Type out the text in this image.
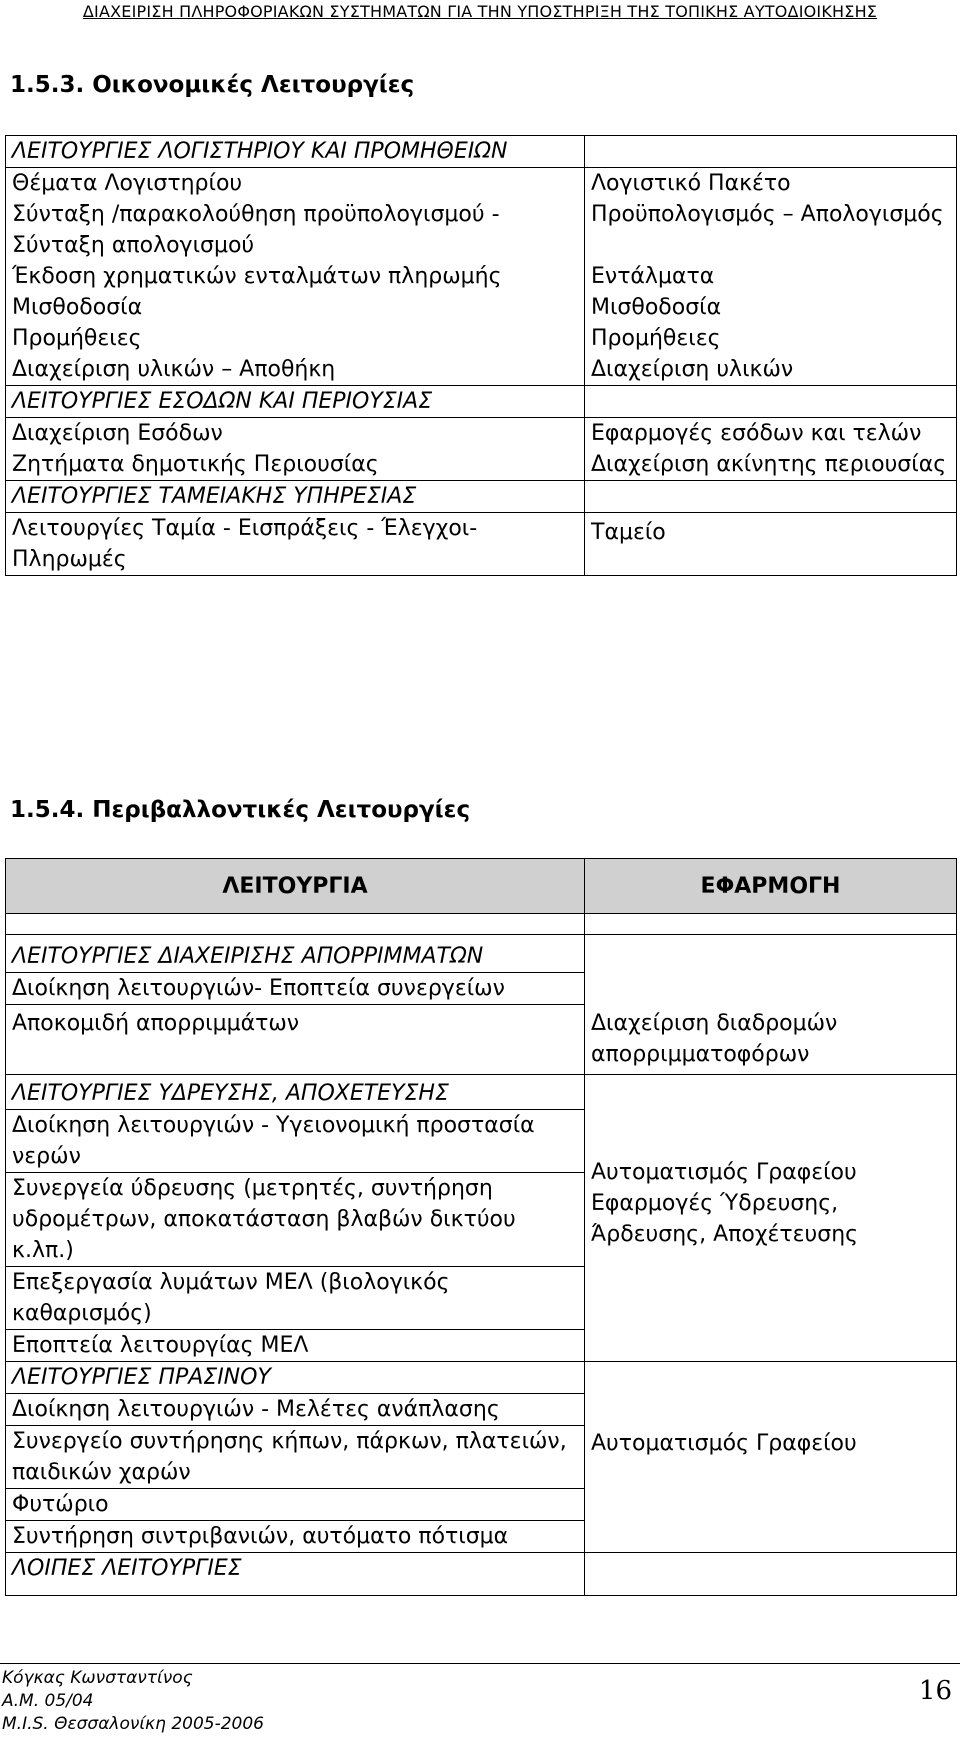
ΔΙΑΧΕΙΡΙΣΗ ΠΛΗΡΟΦΟΡΙΑΚΩΝ ΣΥΣΤΗΜΑΤΩΝ ΓΙΑ ΤΗΝ ΥΠΟΣΤΗΡΙΞΗ ΤΗΣ ΤΟΠΙΚΗΣ ΑΥΤΟΔΙΟΙΚΗΣΗΣ
1.5.3. Οικονομικές Λειτουργίες
ΛΕΙΤΟΥΡΓΙΕΣ ΛΟΓΙΣΤΗΡΙΟΥ ΚΑΙ ΠΡΟΜΗΘΕΙΩΝ	
Θέματα Λογιστηρίου	Λογιστικό Πακέτο
Σύνταξη /παρακολούθηση προϋπολογισμού - Σύνταξη απολογισμού	Προϋπολογισμός – Απολογισμός
Έκδοση χρηματικών ενταλμάτων πληρωμής	Εντάλματα
Μισθοδοσία	Μισθοδοσία
Προμήθειες	Προμήθειες
Διαχείριση υλικών – Αποθήκη	Διαχείριση υλικών
ΛΕΙΤΟΥΡΓΙΕΣ ΕΣΟΔΩΝ ΚΑΙ ΠΕΡΙΟΥΣΙΑΣ	
Διαχείριση Εσόδων	Εφαρμογές εσόδων και τελών
Ζητήματα δημοτικής Περιουσίας	Διαχείριση ακίνητης περιουσίας
ΛΕΙΤΟΥΡΓΙΕΣ ΤΑΜΕΙΑΚΗΣ ΥΠΗΡΕΣΙΑΣ	
Λειτουργίες Ταμία - Εισπράξεις - Έλεγχοι-Πληρωμές	Ταμείο
1.5.4. Περιβαλλοντικές Λειτουργίες
ΛΕΙΤΟΥΡΓΙΑ	ΕΦΑΡΜΟΓΗ

ΛΕΙΤΟΥΡΓΙΕΣ ΔΙΑΧΕΙΡΙΣΗΣ ΑΠΟΡΡΙΜΜΑΤΩΝ	
Διοίκηση λειτουργιών- Εποπτεία συνεργείων	
Αποκομιδή απορριμμάτων	Διαχείριση διαδρομών απορριμματοφόρων
ΛΕΙΤΟΥΡΓΙΕΣ ΥΔΡΕΥΣΗΣ, ΑΠΟΧΕΤΕΥΣΗΣ	Αυτοματισμός Γραφείου Εφαρμογές Ύδρευσης, Άρδευσης, Αποχέτευσης
Διοίκηση λειτουργιών - Υγειονομική προστασία νερών	
Συνεργεία ύδρευσης (μετρητές, συντήρηση υδρομέτρων, αποκατάσταση βλαβών δικτύου κ.λπ.)	
Επεξεργασία λυμάτων ΜΕΛ (βιολογικός καθαρισμός)	
Εποπτεία λειτουργίας ΜΕΛ	
ΛΕΙΤΟΥΡΓΙΕΣ ΠΡΑΣΙΝΟΥ	Αυτοματισμός Γραφείου
Διοίκηση λειτουργιών - Μελέτες ανάπλασης	
Συνεργείο συντήρησης κήπων, πάρκων, πλατειών, παιδικών χαρών	
Φυτώριο	
Συντήρηση σιντριβανιών, αυτόματο πότισμα	
ΛΟΙΠΕΣ ΛΕΙΤΟΥΡΓΙΕΣ	
Κόγκας Κωνσταντίνος
Α.Μ. 05/04
Μ.Ι.S. Θεσσαλονίκη 2005-2006
16
